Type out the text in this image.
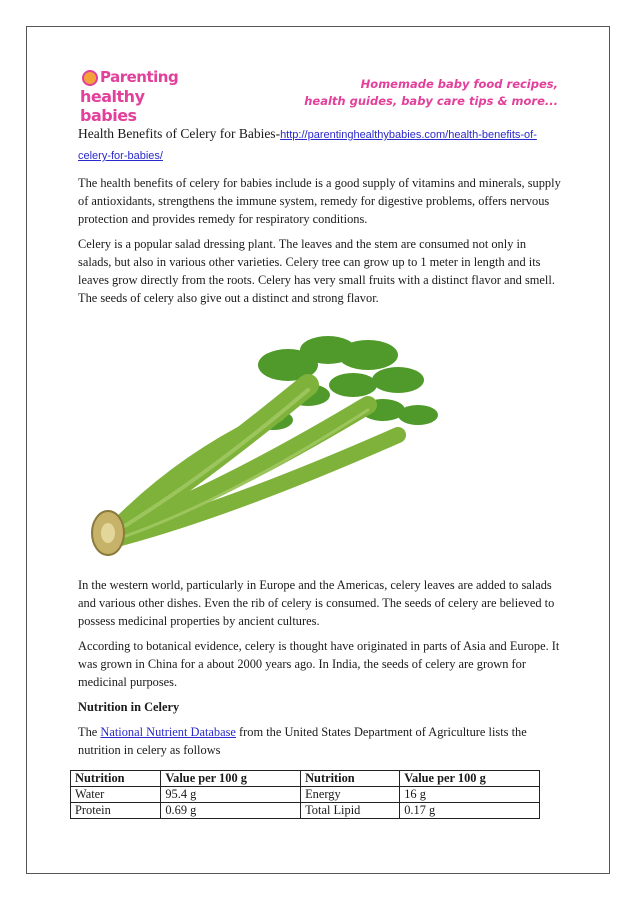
Parenting
healthy babies
Homemade baby food recipes,
health guides, baby care tips & more...
Health Benefits of Celery for Babies-http://parentinghealthybabies.com/health-benefits-of-celery-for-babies/

The health benefits of celery for babies include is a good supply of vitamins and minerals, supply of antioxidants, strengthens the immune system, remedy for digestive problems, offers nervous protection and provides remedy for respiratory conditions.

Celery is a popular salad dressing plant. The leaves and the stem are consumed not only in salads, but also in various other varieties. Celery tree can grow up to 1 meter in length and its leaves grow directly from the roots. Celery has very small fruits with a distinct flavor and smell. The seeds of celery also give out a distinct and strong flavor.

In the western world, particularly in Europe and the Americas, celery leaves are added to salads and various other dishes. Even the rib of celery is consumed. The seeds of celery are believed to possess medicinal properties by ancient cultures.

According to botanical evidence, celery is thought have originated in parts of Asia and Europe. It was grown in China for a about 2000 years ago. In India, the seeds of celery are grown for medicinal purposes.

Nutrition in Celery

The National Nutrient Database from the United States Department of Agriculture lists the nutrition in celery as follows

Nutrition	Value per 100 g	Nutrition	Value per 100 g
Water	95.4 g	Energy	16 g
Protein	0.69 g	Total Lipid	0.17 g
